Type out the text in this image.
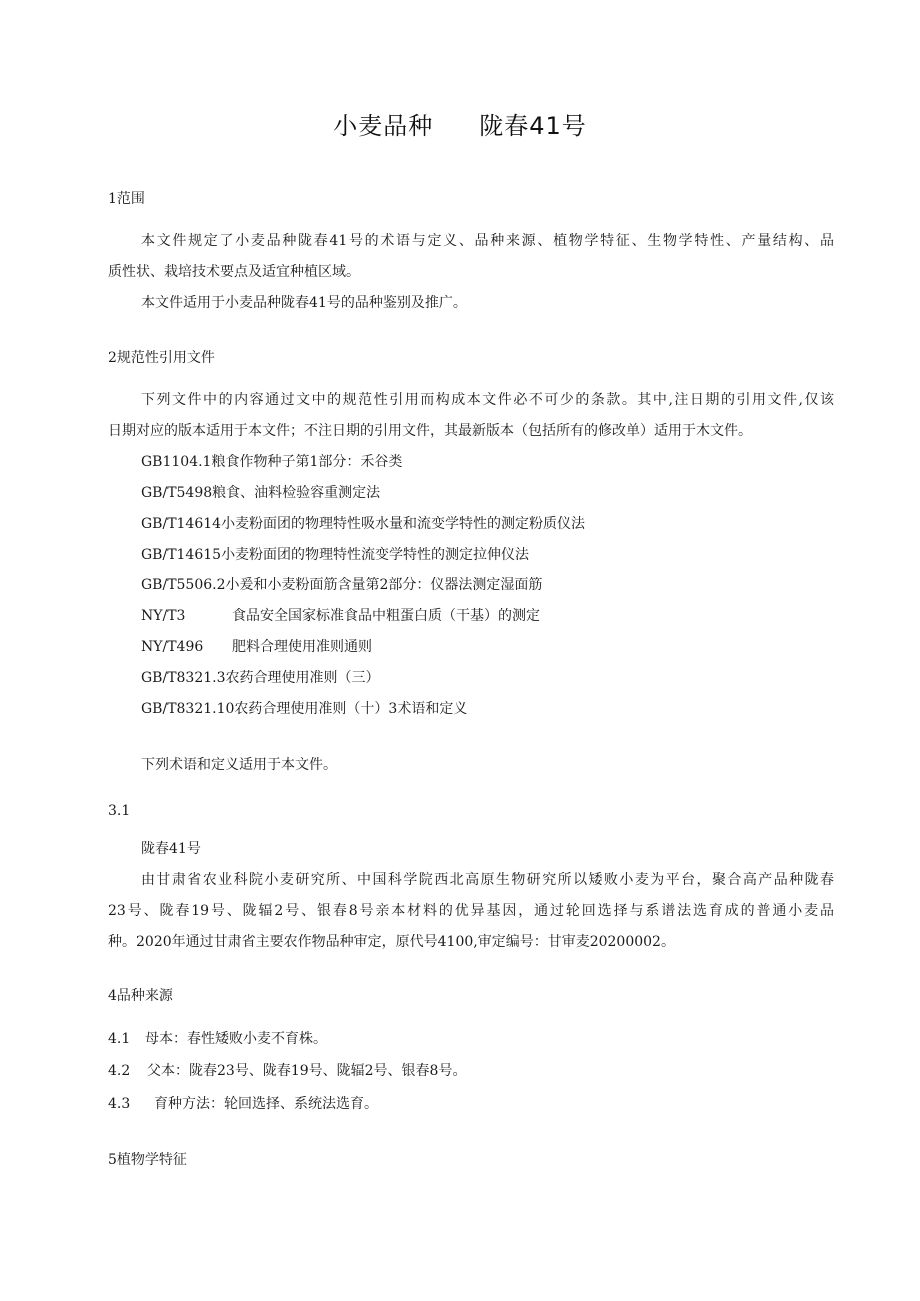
小麦品种 陇春41号
1范围
本文件规定了小麦品种陇春41号的术语与定义、品种来源、植物学特征、生物学特性、产量结构、品
质性状、栽培技术要点及适宜种植区域。
本文件适用于小麦品种陇春41号的品种鉴别及推广。
2规范性引用文件
下列文件中的内容通过文中的规范性引用而构成本文件必不可少的条款。其中,注日期的引用文件,仅该
日期对应的版本适用于本文件；不注日期的引用文件，其最新版本（包括所有的修改单）适用于木文件。
GB1104.1粮食作物种子第1部分：禾谷类
GB/T5498粮食、油料检验容重测定法
GB/T14614小麦粉面团的物理特性吸水量和流变学特性的测定粉质仪法
GB/T14615小麦粉面团的物理特性流变学特性的测定拉伸仪法
GB/T5506.2小爰和小麦粉面筋含量第2部分：仪器法测定湿面筋
NY/T3	食品安全国家标准食品中粗蛋白质（干基）的测定
NY/T496 肥料合理使用准则通则
GB/T8321.3农药合理使用准则（三）
GB/T8321.10农药合理使用准则（十）3术语和定义
下列术语和定义适用于本文件。
3.1
陇春41号
由甘肃省农业科院小麦研究所、中国科学院西北高原生物研究所以矮败小麦为平台，聚合高产品种陇春
23号、陇春19号、陇辐2号、银春8号亲本材料的优异基因，通过轮回选择与系谱法选育成的普通小麦品
种。2020年通过甘肃省主要农作物品种审定，原代号4100,审定编号：甘审麦20200002。
4品种来源
4.1 母本：春性矮败小麦不育株。
4.2 父本：陇春23号、陇春19号、陇辐2号、银春8号。
4.3 育种方法：轮回选择、系统法选育。
5植物学特征
